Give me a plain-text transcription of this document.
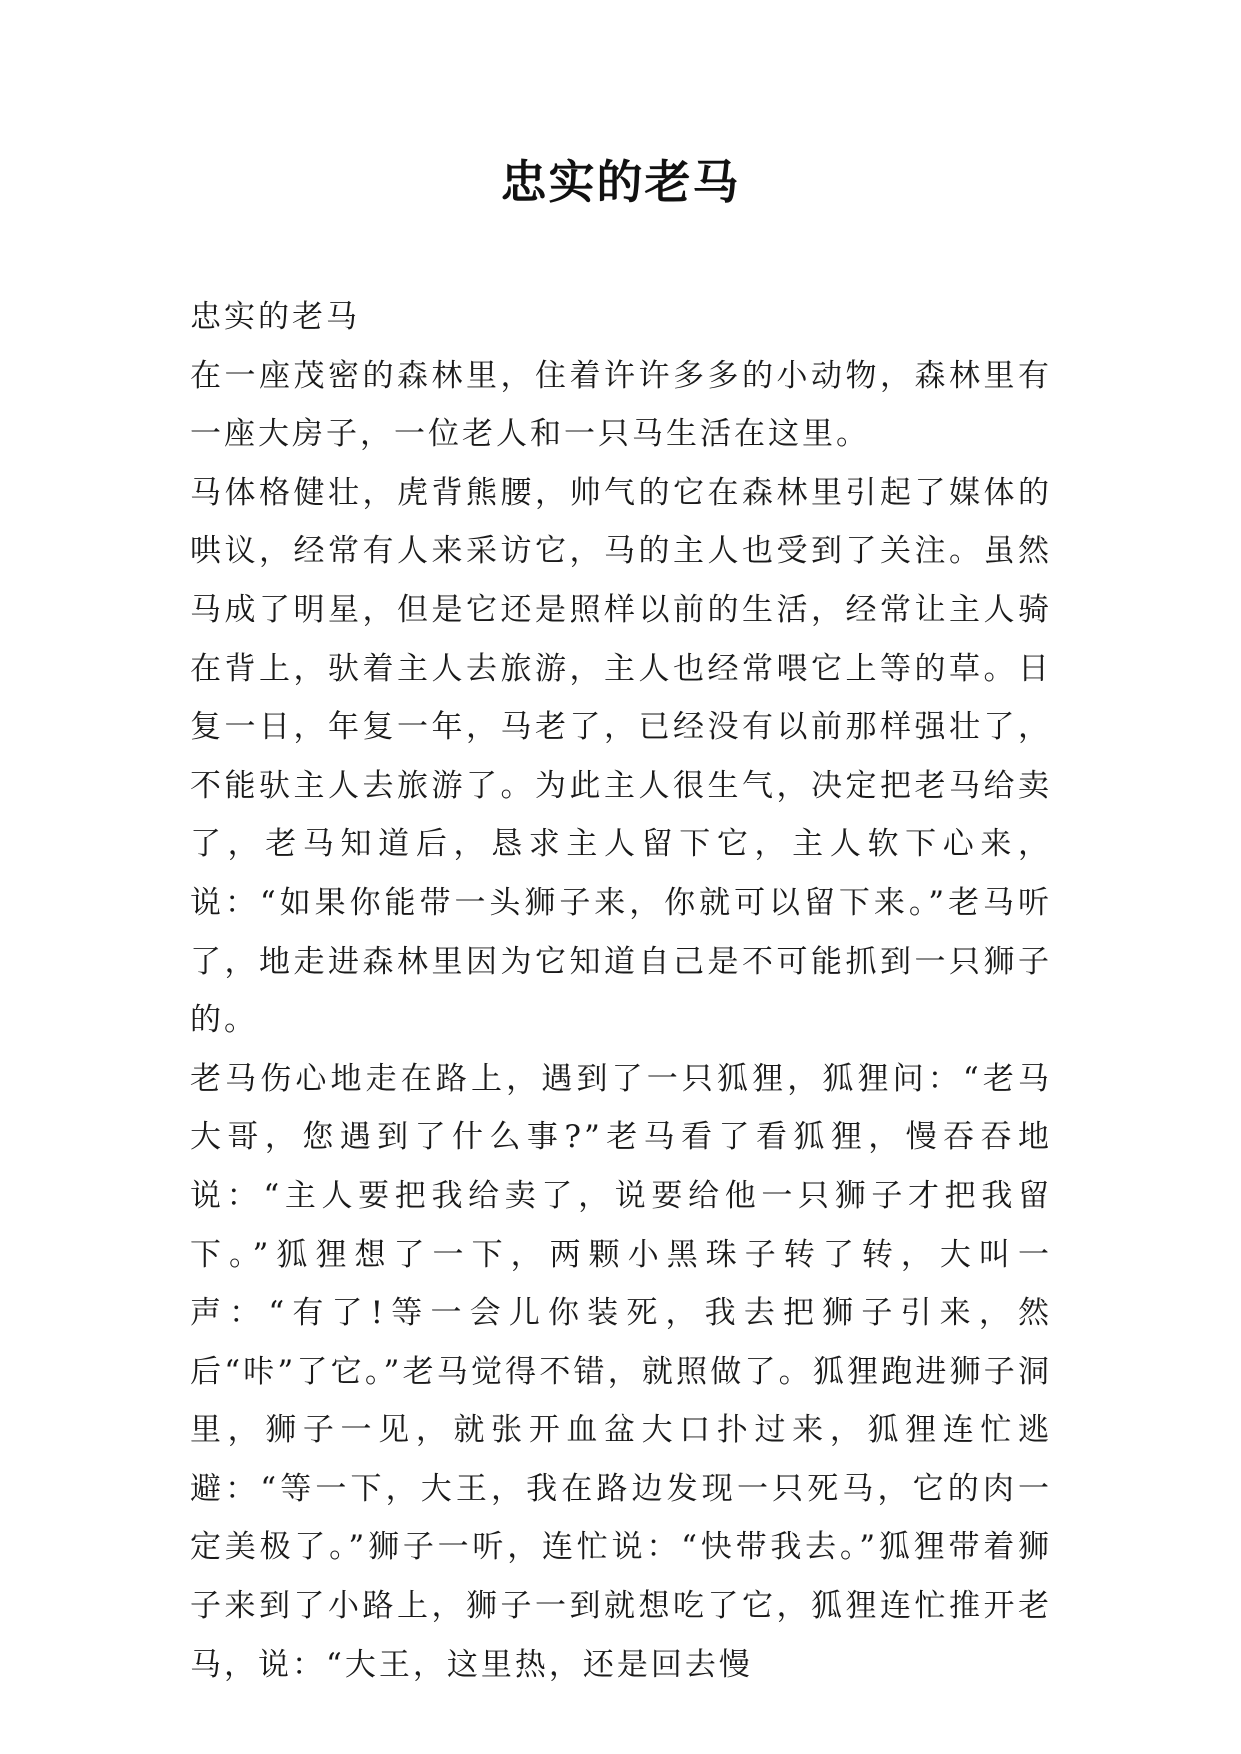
忠实的老马

忠实的老马

在一座茂密的森林里，住着许许多多的小动物，森林里有一座大房子，一位老人和一只马生活在这里。

马体格健壮，虎背熊腰，帅气的它在森林里引起了媒体的哄议，经常有人来采访它，马的主人也受到了关注。虽然马成了明星，但是它还是照样以前的生活，经常让主人骑在背上，驮着主人去旅游，主人也经常喂它上等的草。日复一日，年复一年，马老了，已经没有以前那样强壮了，不能驮主人去旅游了。为此主人很生气，决定把老马给卖了，老马知道后，恳求主人留下它，主人软下心来，说：“如果你能带一头狮子来，你就可以留下来。”老马听了，地走进森林里因为它知道自己是不可能抓到一只狮子的。

老马伤心地走在路上，遇到了一只狐狸，狐狸问：“老马大哥，您遇到了什么事?”老马看了看狐狸，慢吞吞地说：“主人要把我给卖了，说要给他一只狮子才把我留下。”狐狸想了一下，两颗小黑珠子转了转，大叫一声：“有了!等一会儿你装死，我去把狮子引来，然后“咔”了它。”老马觉得不错，就照做了。狐狸跑进狮子洞里，狮子一见，就张开血盆大口扑过来，狐狸连忙逃避：“等一下，大王，我在路边发现一只死马，它的肉一定美极了。”狮子一听，连忙说：“快带我去。”狐狸带着狮子来到了小路上，狮子一到就想吃了它，狐狸连忙推开老马，说：“大王，这里热，还是回去慢
